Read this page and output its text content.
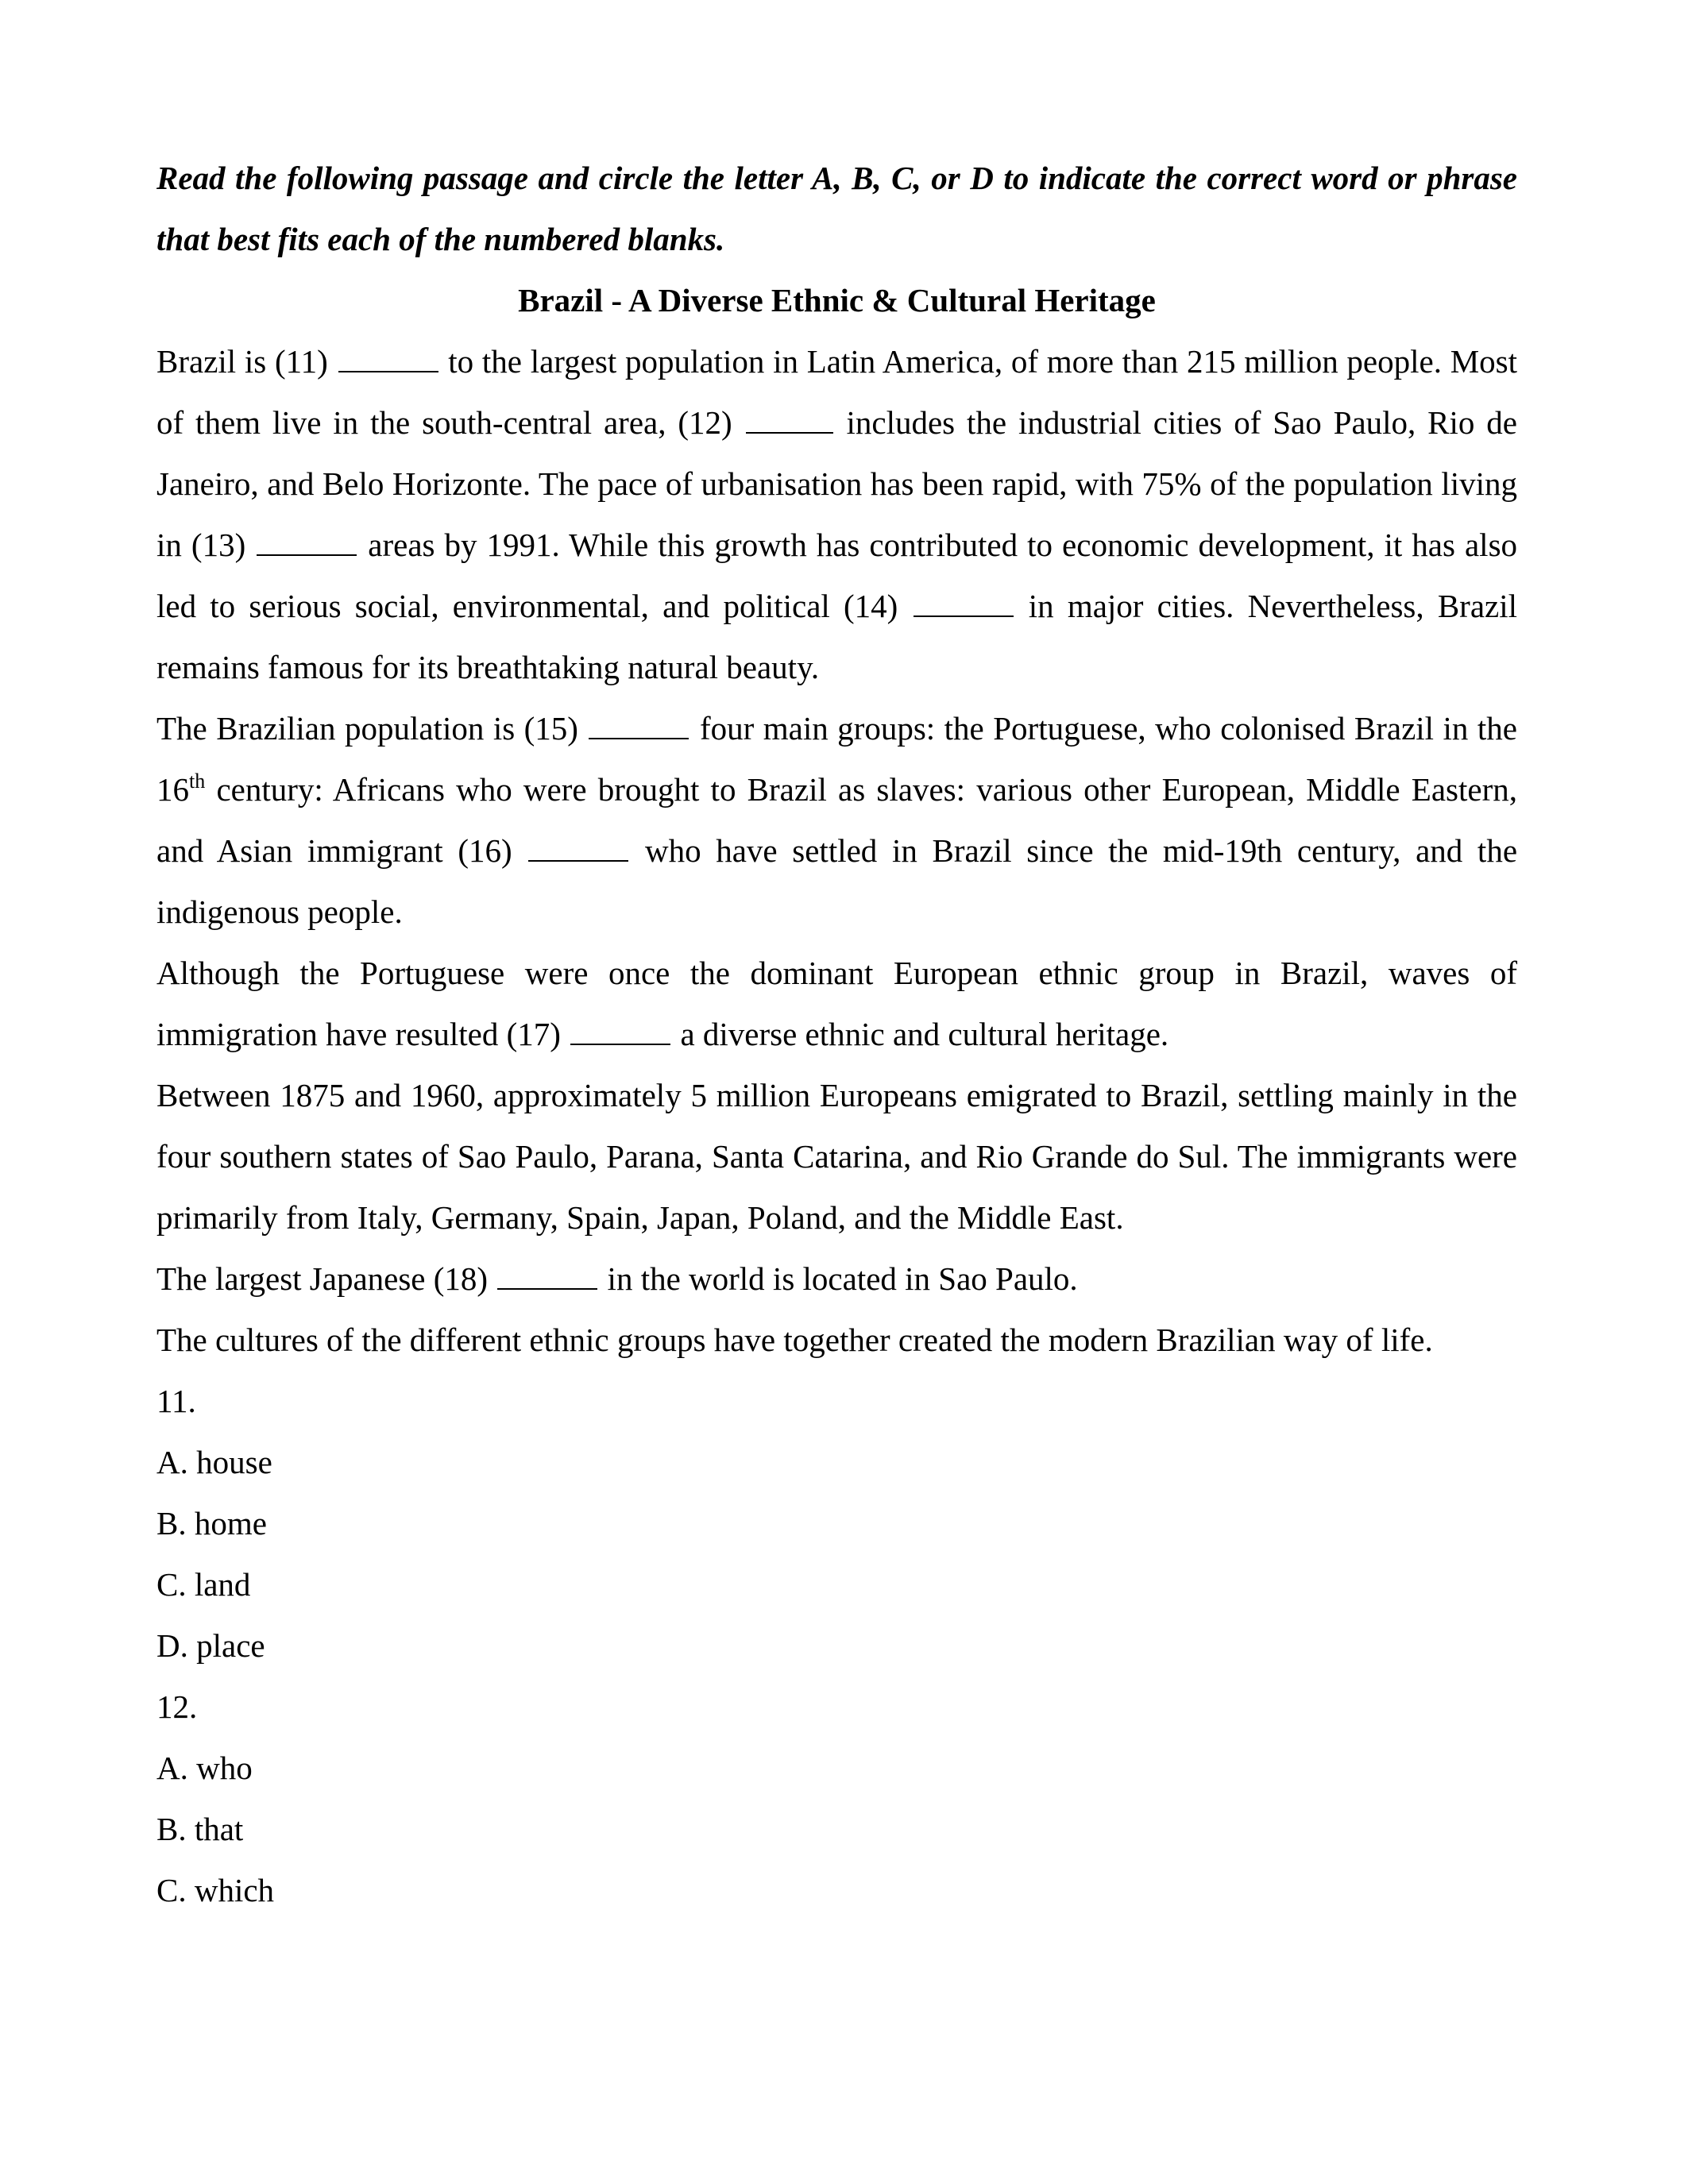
Read the following passage and circle the letter A, B, C, or D to indicate the correct word or phrase that best fits each of the numbered blanks.

Brazil - A Diverse Ethnic & Cultural Heritage

Brazil is (11)	to the largest population in Latin America, of more than 215 million people. Most of them live in the south-central area, (12)	includes the industrial cities of Sao Paulo, Rio de Janeiro, and Belo Horizonte. The pace of urbanisation has been rapid, with 75% of the population living in (13)	areas by 1991. While this growth has contributed to economic development, it has also led to serious social, environmental, and political (14)	in major cities. Nevertheless, Brazil remains famous for its breathtaking natural beauty.

The Brazilian population is (15)	four main groups: the Portuguese, who colonised Brazil in the 16th century: Africans who were brought to Brazil as slaves: various other European, Middle Eastern, and Asian immigrant (16)	who have settled in Brazil since the mid-19th century, and the indigenous people.

Although the Portuguese were once the dominant European ethnic group in Brazil, waves of immigration have resulted (17)	a diverse ethnic and cultural heritage.

Between 1875 and 1960, approximately 5 million Europeans emigrated to Brazil, settling mainly in the four southern states of Sao Paulo, Parana, Santa Catarina, and Rio Grande do Sul. The immigrants were primarily from Italy, Germany, Spain, Japan, Poland, and the Middle East.

The largest Japanese (18)	in the world is located in Sao Paulo.

The cultures of the different ethnic groups have together created the modern Brazilian way of life.

11.

A. house

B. home

C. land

D. place

12.

A. who

B. that

C. which
